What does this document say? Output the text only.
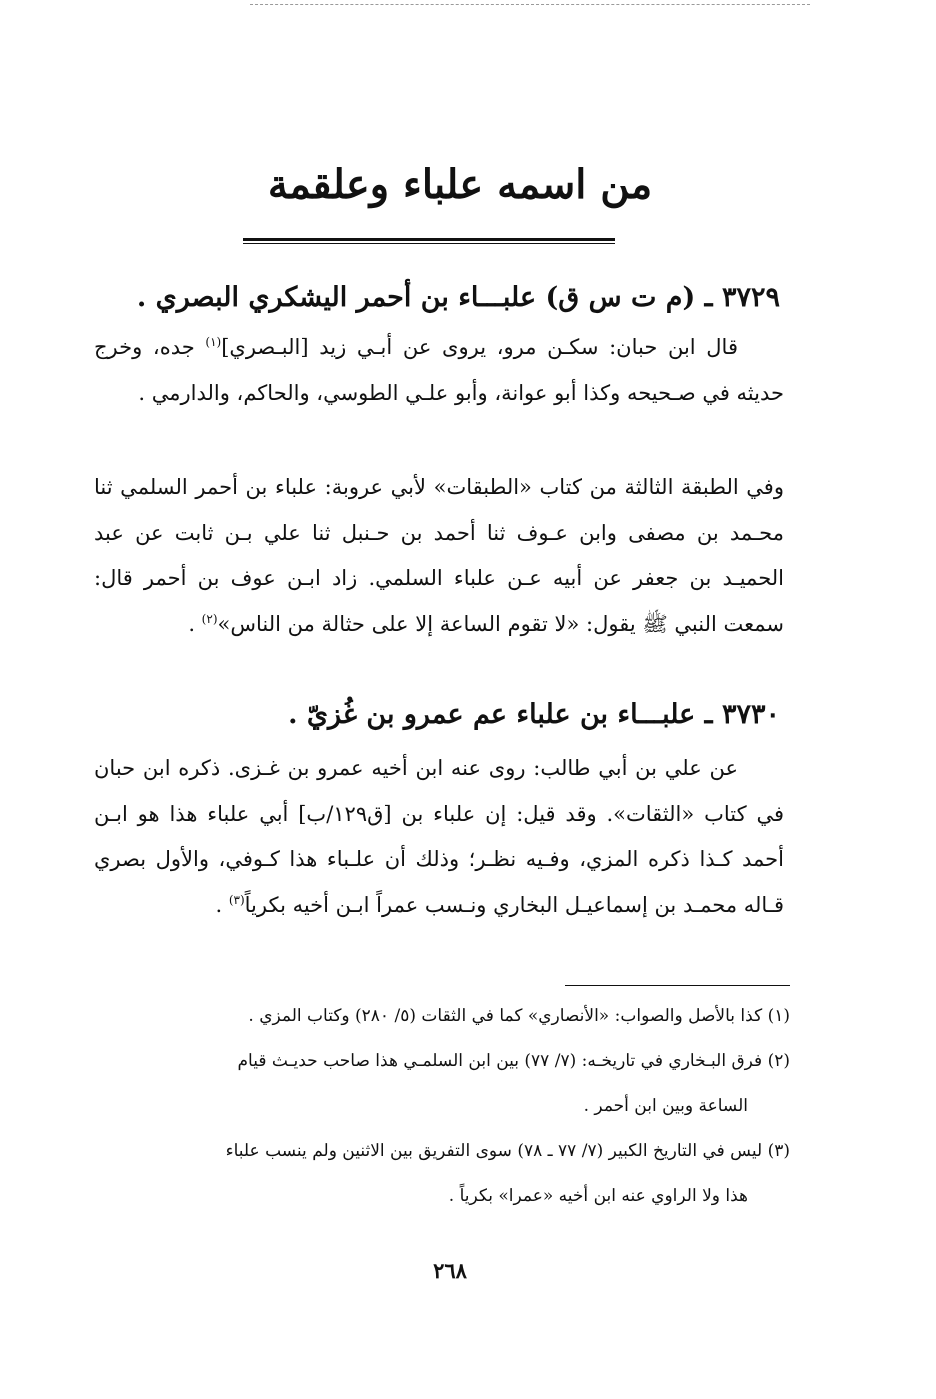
من اسمه علباء وعلقمة
٣٧٢٩ ـ (م ت س ق) علبـــاء بن أحمر اليشكري البصري .

قال ابن حبان: سكـن مرو، يروى عن أبـي زيد [البـصري]$^{(١)}$ جده، وخرج حديثه في صـحيحه وكذا أبو عوانة، وأبو علـي الطوسي، والحاكم، والدارمي .

وفي الطبقة الثالثة من كتاب «الطبقات» لأبي عروبة: علباء بن أحمر السلمي ثنا محـمد بن مصفى وابن عـوف ثنا أحمد بن حـنبل ثنا علي بـن ثابت عن عبد الحميـد بن جعفر عن أبيه عـن علباء السلمي. زاد ابـن عوف بن أحمر قال: سمعت النبي ﷺ يقول: «لا تقوم الساعة إلا على حثالة من الناس»$^{(٢)}$ .

٣٧٣٠ ـ علبـــاء بن علباء عم عمرو بن غُزيّ .

عن علي بن أبي طالب: روى عنه ابن أخيه عمرو بن غـزى. ذكره ابن حبان في كتاب «الثقات». وقد قيل: إن علباء بن [ق١٢٩/ب] أبي علباء هذا هو ابـن أحمد كـذا ذكره المزي، وفـيه نظـر؛ وذلك أن علـباء هذا كـوفي، والأول بصري قـاله محمـد بن إسماعيـل البخاري ونـسب عمراً ابـن أخيه بكرياً$^{(٣)}$ .

(١) كذا بالأصل والصواب: «الأنصاري» كما في الثقات (٥/ ٢٨٠) وكتاب المزي .

(٢) فرق البـخاري في تاريخـه: (٧/ ٧٧) بين ابن السلمـي هذا صاحب حديـث قيام

الساعة وبين ابن أحمر .

(٣) ليس في التاريخ الكبير (٧/ ٧٧ ـ ٧٨) سوى التفريق بين الاثنين ولم ينسب علباء

هذا ولا الراوي عنه ابن أخيه «عمرا» بكرياً .

٢٦٨
